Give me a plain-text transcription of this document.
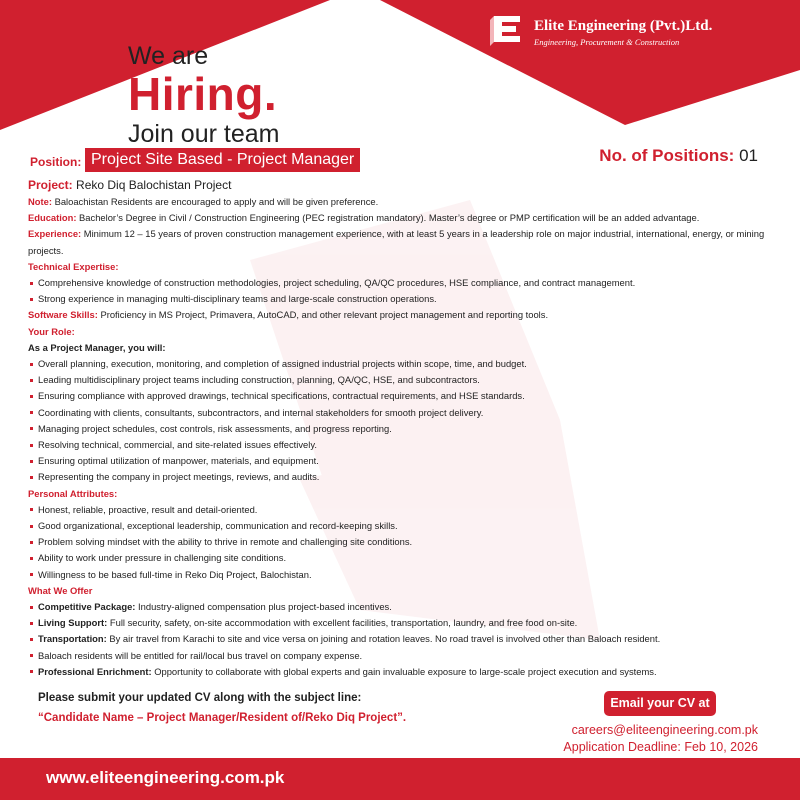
Elite Engineering (Pvt.)Ltd.
Engineering, Procurement & Construction
We are
Hiring.
Join our team
Position: Project Site Based - Project Manager	No. of Positions: 01
Project: Reko Diq Balochistan Project
Note: Baloachistan Residents are encouraged to apply and will be given preference.
Education: Bachelor’s Degree in Civil / Construction Engineering (PEC registration mandatory). Master’s degree or PMP certification will be an added advantage.
Experience: Minimum 12 – 15 years of proven construction management experience, with at least 5 years in a leadership role on major industrial, international, energy, or mining projects.
Technical Expertise:
Comprehensive knowledge of construction methodologies, project scheduling, QA/QC procedures, HSE compliance, and contract management.
Strong experience in managing multi-disciplinary teams and large-scale construction operations.
Software Skills: Proficiency in MS Project, Primavera, AutoCAD, and other relevant project management and reporting tools.
Your Role:
As a Project Manager, you will:
Overall planning, execution, monitoring, and completion of assigned industrial projects within scope, time, and budget.
Leading multidisciplinary project teams including construction, planning, QA/QC, HSE, and subcontractors.
Ensuring compliance with approved drawings, technical specifications, contractual requirements, and HSE standards.
Coordinating with clients, consultants, subcontractors, and internal stakeholders for smooth project delivery.
Managing project schedules, cost controls, risk assessments, and progress reporting.
Resolving technical, commercial, and site-related issues effectively.
Ensuring optimal utilization of manpower, materials, and equipment.
Representing the company in project meetings, reviews, and audits.
Personal Attributes:
Honest, reliable, proactive, result and detail-oriented.
Good organizational, exceptional leadership, communication and record-keeping skills.
Problem solving mindset with the ability to thrive in remote and challenging site conditions.
Ability to work under pressure in challenging site conditions.
Willingness to be based full-time in Reko Diq Project, Balochistan.
What We Offer
Competitive Package: Industry-aligned compensation plus project-based incentives.
Living Support: Full security, safety, on-site accommodation with excellent facilities, transportation, laundry, and free food on-site.
Transportation: By air travel from Karachi to site and vice versa on joining and rotation leaves. No road travel is involved other than Baloach resident.
Baloach residents will be entitled for rail/local bus travel on company expense.
Professional Enrichment: Opportunity to collaborate with global experts and gain invaluable exposure to large-scale project execution and systems.
Please submit your updated CV along with the subject line:
“Candidate Name – Project Manager/Resident of/Reko Diq Project”.
Email your CV at
careers@eliteengineering.com.pk
Application Deadline: Feb 10, 2026
www.eliteengineering.com.pk
